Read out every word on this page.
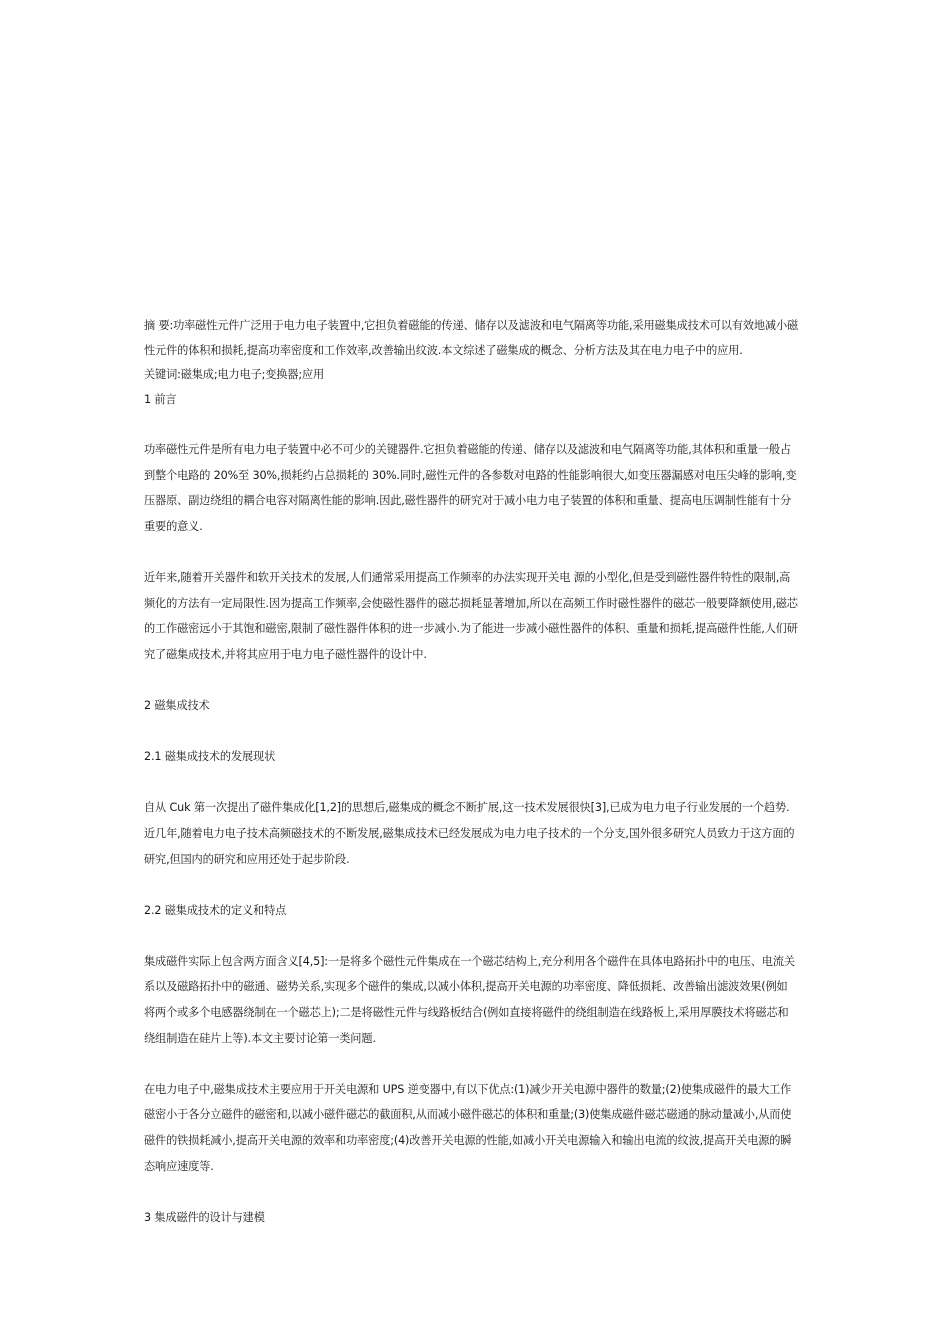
摘 要:功率磁性元件广泛用于电力电子装置中,它担负着磁能的传递、储存以及滤波和电气隔离等功能,采用磁集成技术可以有效地减小磁
性元件的体积和损耗,提高功率密度和工作效率,改善输出纹波.本文综述了磁集成的概念、分析方法及其在电力电子中的应用.
关键词:磁集成;电力电子;变换器;应用
1 前言

功率磁性元件是所有电力电子装置中必不可少的关键器件.它担负着磁能的传递、储存以及滤波和电气隔离等功能,其体积和重量一般占

到整个电路的 20%至 30%,损耗约占总损耗的 30%.同时,磁性元件的各参数对电路的性能影响很大,如变压器漏感对电压尖峰的影响,变

压器原、副边绕组的耦合电容对隔离性能的影响.因此,磁性器件的研究对于减小电力电子装置的体积和重量、提高电压调制性能有十分

重要的意义.

近年来,随着开关器件和软开关技术的发展,人们通常采用提高工作频率的办法实现开关电 源的小型化,但是受到磁性器件特性的限制,高

频化的方法有一定局限性.因为提高工作频率,会使磁性器件的磁芯损耗显著增加,所以在高频工作时磁性器件的磁芯一般要降额使用,磁芯

的工作磁密远小于其饱和磁密,限制了磁性器件体积的进一步减小.为了能进一步减小磁性器件的体积、重量和损耗,提高磁件性能,人们研

究了磁集成技术,并将其应用于电力电子磁性器件的设计中.

2 磁集成技术

2.1 磁集成技术的发展现状

自从 Cuk 第一次提出了磁件集成化[1,2]的思想后,磁集成的概念不断扩展,这一技术发展很快[3],已成为电力电子行业发展的一个趋势.

近几年,随着电力电子技术高频磁技术的不断发展,磁集成技术已经发展成为电力电子技术的一个分支,国外很多研究人员致力于这方面的

研究,但国内的研究和应用还处于起步阶段.

2.2 磁集成技术的定义和特点

集成磁件实际上包含两方面含义[4,5]:一是将多个磁性元件集成在一个磁芯结构上,充分利用各个磁件在具体电路拓扑中的电压、电流关

系以及磁路拓扑中的磁通、磁势关系,实现多个磁件的集成,以减小体积,提高开关电源的功率密度、降低损耗、改善输出滤波效果(例如

将两个或多个电感器绕制在一个磁芯上);二是将磁性元件与线路板结合(例如直接将磁件的绕组制造在线路板上,采用厚膜技术将磁芯和

绕组制造在硅片上等).本文主要讨论第一类问题.

在电力电子中,磁集成技术主要应用于开关电源和 UPS 逆变器中,有以下优点:(1)减少开关电源中器件的数量;(2)使集成磁件的最大工作

磁密小于各分立磁件的磁密和,以减小磁件磁芯的截面积,从而减小磁件磁芯的体积和重量;(3)使集成磁件磁芯磁通的脉动量减小,从而使

磁件的铁损耗减小,提高开关电源的效率和功率密度;(4)改善开关电源的性能,如减小开关电源输入和输出电流的纹波,提高开关电源的瞬

态响应速度等.

3 集成磁件的设计与建模
